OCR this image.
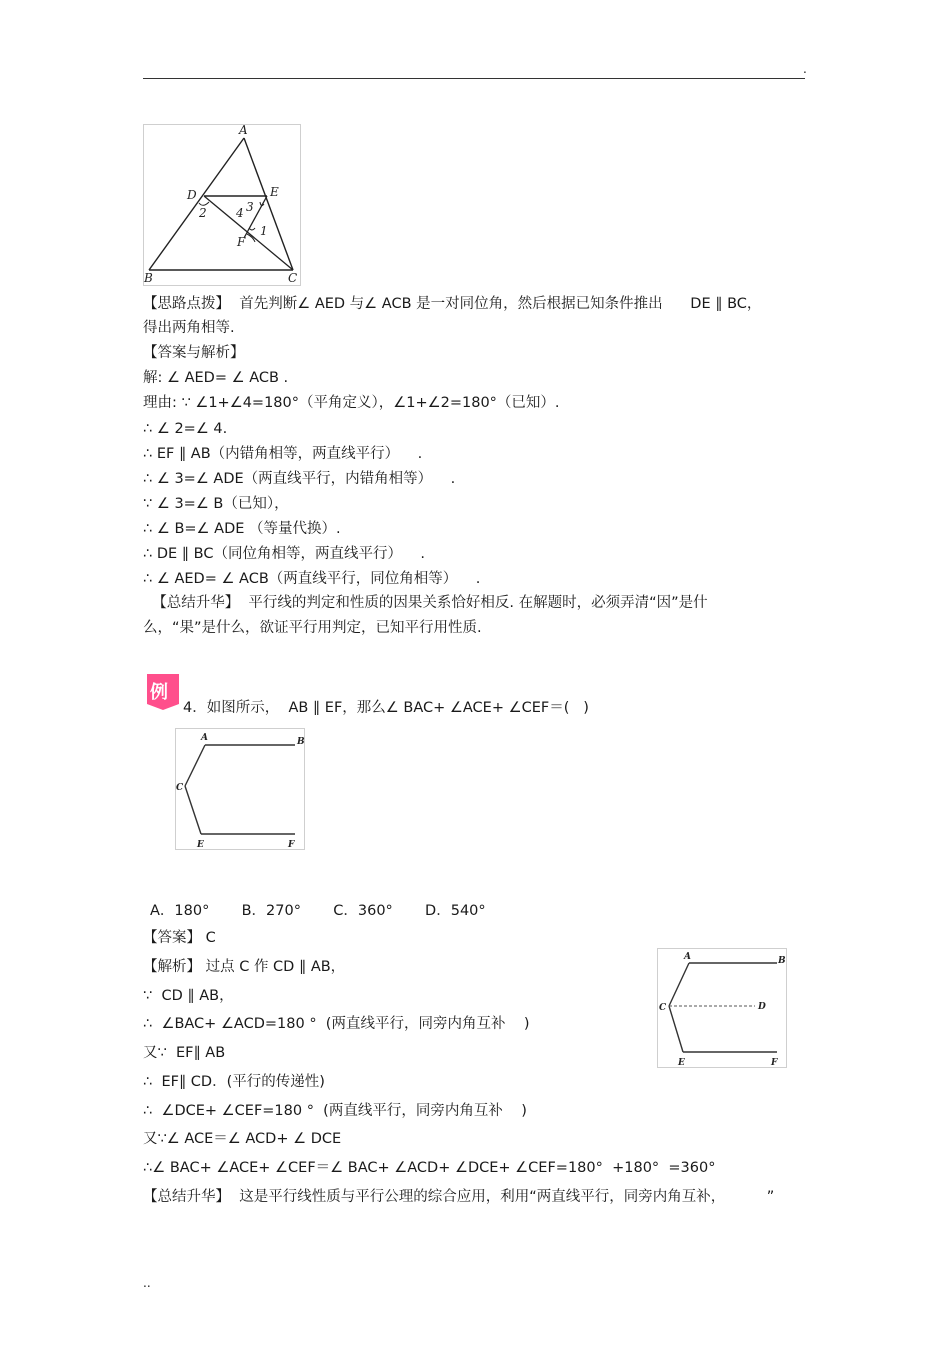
.
A
D	E
F
B	C
1
2	3
4
【思路点拨】  首先判断∠ AED 与∠ ACB 是一对同位角，然后根据已知条件推出      DE ∥ BC，
得出两角相等.
【答案与解析】
解: ∠ AED= ∠ ACB .
理由: ∵ ∠1+∠4=180°（平角定义），∠1+∠2=180°（已知）.
∴ ∠ 2=∠ 4.
∴ EF ∥ AB（内错角相等，两直线平行）    .
∴ ∠ 3=∠ ADE（两直线平行，内错角相等）    .
∵ ∠ 3=∠ B（已知），
∴ ∠ B=∠ ADE （等量代换）.
∴ DE ∥ BC（同位角相等，两直线平行）    .
∴ ∠ AED= ∠ ACB（两直线平行，同位角相等）    .
【总结升华】  平行线的判定和性质的因果关系恰好相反. 在解题时，必须弄清“因”是什
么，“果”是什么，欲证平行用判定，已知平行用性质.
例
4．如图所示，  AB ∥ EF，那么∠ BAC+ ∠ACE+ ∠CEF＝(   )
A	B
C
E	F
A．180°       B．270°       C．360°       D．540°
【答案】 C
【解析】 过点 C 作 CD ∥ AB，
∵  CD ∥ AB，
∴  ∠BAC+ ∠ACD=180 °  (两直线平行，同旁内角互补    )
又∵  EF∥ AB
∴  EF∥ CD．(平行的传递性)
∴  ∠DCE+ ∠CEF=180 °  (两直线平行，同旁内角互补    )
又∵∠ ACE＝∠ ACD+ ∠ DCE
∴∠ BAC+ ∠ACE+ ∠CEF＝∠ BAC+ ∠ACD+ ∠DCE+ ∠CEF=180°  +180°  =360°
【总结升华】  这是平行线性质与平行公理的综合应用，利用“两直线平行，同旁内角互补，         ”
A	B
C	D
E	F
..
